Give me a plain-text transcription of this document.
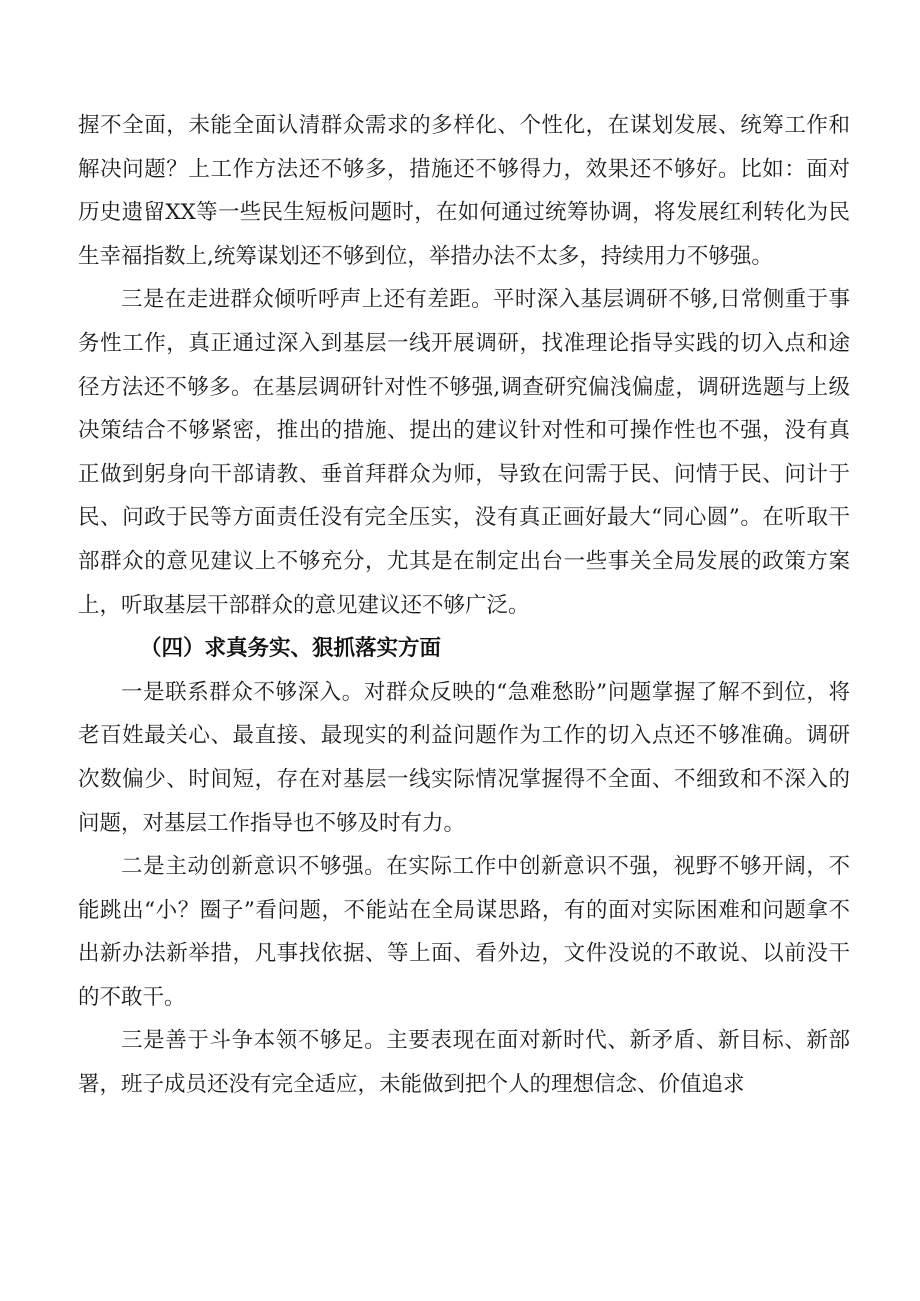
握不全面，未能全面认清群众需求的多样化、个性化，在谋划发展、统筹工作和解决问题？上工作方法还不够多，措施还不够得力，效果还不够好。比如：面对历史遗留XX等一些民生短板问题时，在如何通过统筹协调，将发展红利转化为民生幸福指数上,统筹谋划还不够到位，举措办法不太多，持续用力不够强。

三是在走进群众倾听呼声上还有差距。平时深入基层调研不够,日常侧重于事务性工作，真正通过深入到基层一线开展调研，找准理论指导实践的切入点和途径方法还不够多。在基层调研针对性不够强,调查研究偏浅偏虚，调研选题与上级决策结合不够紧密，推出的措施、提出的建议针对性和可操作性也不强，没有真正做到躬身向干部请教、垂首拜群众为师，导致在问需于民、问情于民、问计于民、问政于民等方面责任没有完全压实，没有真正画好最大“同心圆”。在听取干部群众的意见建议上不够充分，尤其是在制定出台一些事关全局发展的政策方案上，听取基层干部群众的意见建议还不够广泛。

（四）求真务实、狠抓落实方面

一是联系群众不够深入。对群众反映的“急难愁盼”问题掌握了解不到位，将老百姓最关心、最直接、最现实的利益问题作为工作的切入点还不够准确。调研次数偏少、时间短，存在对基层一线实际情况掌握得不全面、不细致和不深入的问题，对基层工作指导也不够及时有力。

二是主动创新意识不够强。在实际工作中创新意识不强，视野不够开阔，不能跳出“小？圈子”看问题，不能站在全局谋思路，有的面对实际困难和问题拿不出新办法新举措，凡事找依据、等上面、看外边，文件没说的不敢说、以前没干的不敢干。

三是善于斗争本领不够足。主要表现在面对新时代、新矛盾、新目标、新部署，班子成员还没有完全适应，未能做到把个人的理想信念、价值追求
